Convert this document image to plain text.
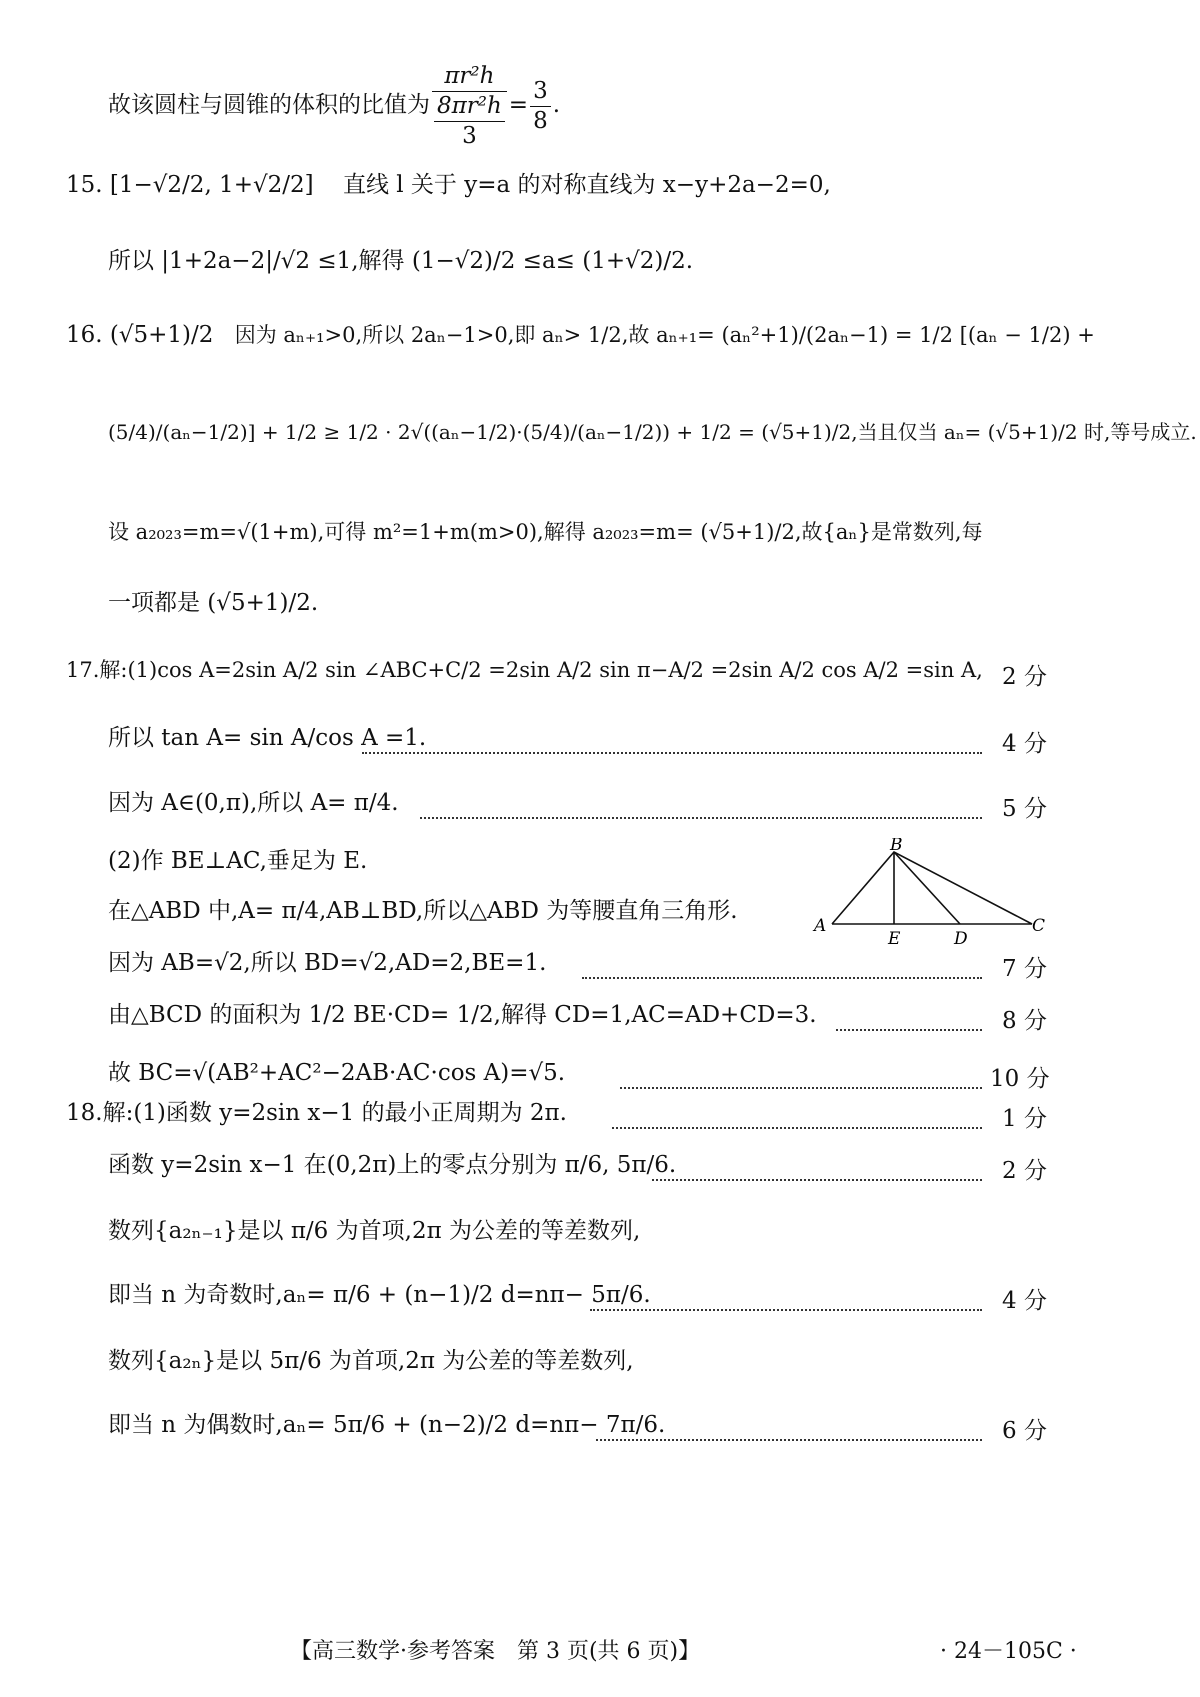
故该圆柱与圆锥的体积的比值为 $\frac{\text{πr²h}}{\frac{\text{8πr²h}}{3}} = \frac{3}{8}$ .
15. [1−√2/2, 1+√2/2] 直线 l 关于 y=a 的对称直线为 x−y+2a−2=0,
所以 |1+2a−2|/√2 ≤1,解得 (1−√2)/2 ≤a≤ (1+√2)/2.
16. (√5+1)/2 因为 aₙ₊₁>0,所以 2aₙ−1>0,即 aₙ> 1/2,故 aₙ₊₁= (aₙ²+1)/(2aₙ−1) = 1/2 [(aₙ − 1/2) +
(5/4)/(aₙ−1/2)] + 1/2 ≥ 1/2 · 2√((aₙ−1/2)·(5/4)/(aₙ−1/2)) + 1/2 = (√5+1)/2,当且仅当 aₙ= (√5+1)/2 时,等号成立.
设 a₂₀₂₃=m=√(1+m),可得 m²=1+m(m>0),解得 a₂₀₂₃=m= (√5+1)/2,故{aₙ}是常数列,每
一项都是 (√5+1)/2.
17.解:(1)cos A=2sin A/2 sin ∠ABC+C/2 =2sin A/2 sin π−A/2 =2sin A/2 cos A/2 =sin A, 2 分
所以 tan A= sin A/cos A =1.	4 分
因为 A∈(0,π),所以 A= π/4.	5 分
(2)作 BE⊥AC,垂足为 E.
在△ABD 中,A= π/4,AB⊥BD,所以△ABD 为等腰直角三角形.
B
A
E	D
C
因为 AB=√2,所以 BD=√2,AD=2,BE=1.	7 分
由△BCD 的面积为 1/2 BE·CD= 1/2,解得 CD=1,AC=AD+CD=3.	8 分
故 BC=√(AB²+AC²−2AB·AC·cos A)=√5.	10 分
18.解:(1)函数 y=2sin x−1 的最小正周期为 2π.	1 分
函数 y=2sin x−1 在(0,2π)上的零点分别为 π/6, 5π/6.	2 分
数列{a₂ₙ₋₁}是以 π/6 为首项,2π 为公差的等差数列,
即当 n 为奇数时,aₙ= π/6 + (n−1)/2 d=nπ− 5π/6.	4 分
数列{a₂ₙ}是以 5π/6 为首项,2π 为公差的等差数列,
即当 n 为偶数时,aₙ= 5π/6 + (n−2)/2 d=nπ− 7π/6.	6 分
【高三数学·参考答案　第 3 页(共 6 页)】	· 24－105C ·
